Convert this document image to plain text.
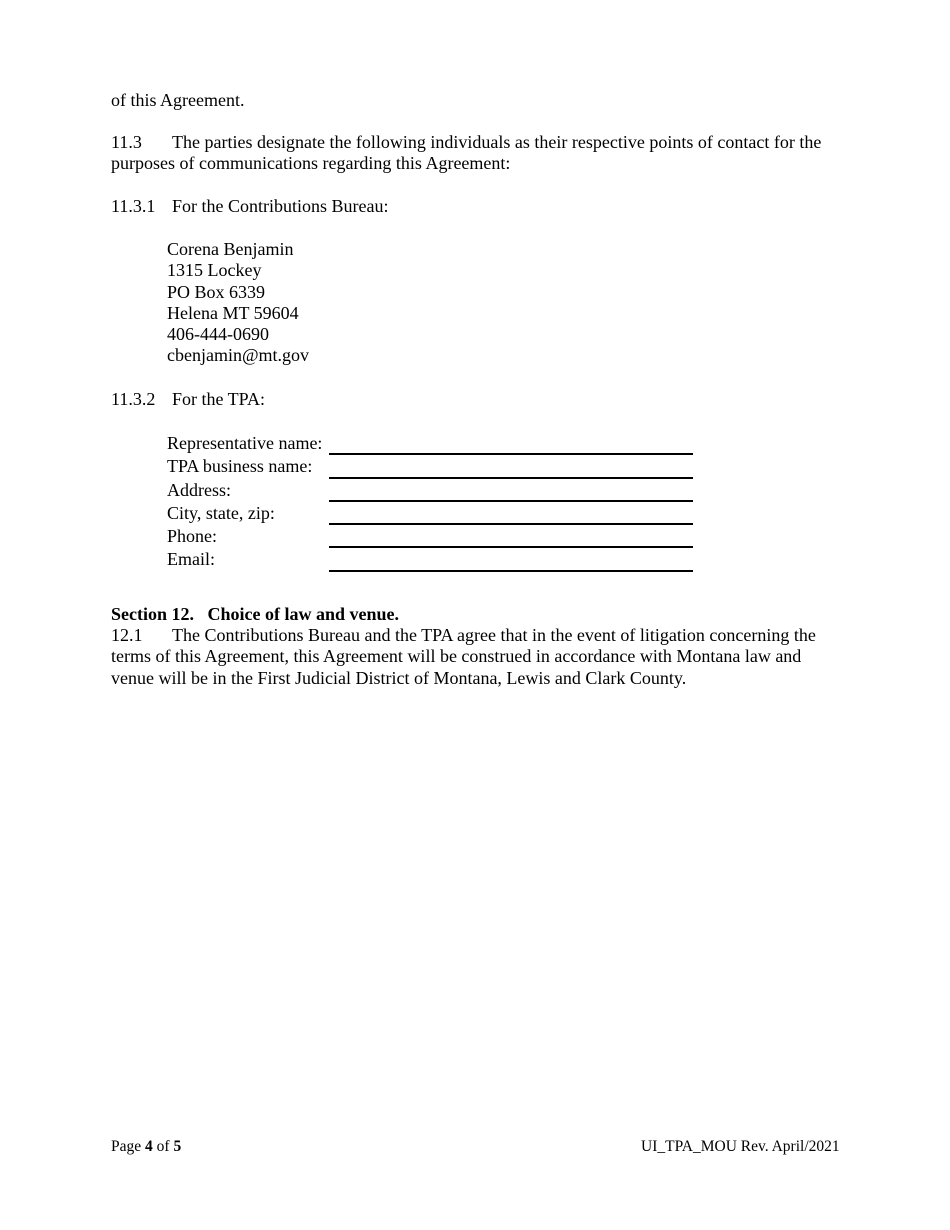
of this Agreement.
11.3 The parties designate the following individuals as their respective points of contact for the purposes of communications regarding this Agreement:
11.3.1 For the Contributions Bureau:
Corena Benjamin
1315 Lockey
PO Box 6339
Helena MT 59604
406-444-0690
cbenjamin@mt.gov
11.3.2 For the TPA:
Representative name:	
TPA business name:	
Address:	
City, state, zip:	
Phone:	
Email:	
Section 12.   Choice of law and venue.
12.1 The Contributions Bureau and the TPA agree that in the event of litigation concerning the terms of this Agreement, this Agreement will be construed in accordance with Montana law and venue will be in the First Judicial District of Montana, Lewis and Clark County.
Page 4 of 5	UI_TPA_MOU Rev. April/2021
